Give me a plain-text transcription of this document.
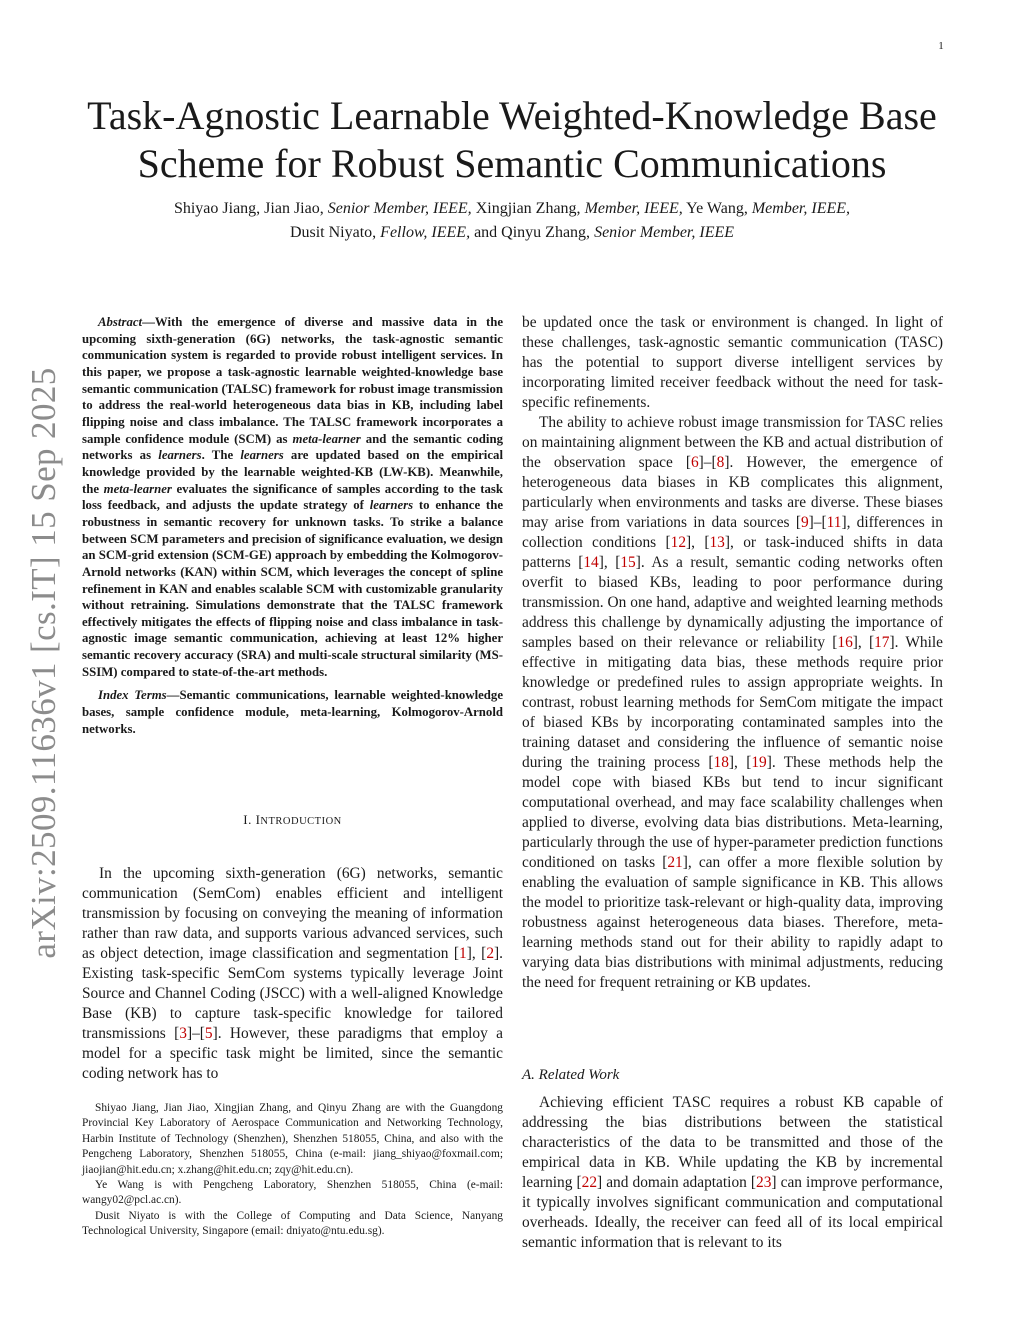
1
arXiv:2509.11636v1 [cs.IT] 15 Sep 2025
Task-Agnostic Learnable Weighted-Knowledge Base
Scheme for Robust Semantic Communications
Shiyao Jiang, Jian Jiao, Senior Member, IEEE, Xingjian Zhang, Member, IEEE, Ye Wang, Member, IEEE,
Dusit Niyato, Fellow, IEEE, and Qinyu Zhang, Senior Member, IEEE

Abstract—With the emergence of diverse and massive data in the upcoming sixth-generation (6G) networks, the task-agnostic semantic communication system is regarded to provide robust intelligent services. In this paper, we propose a task-agnostic learnable weighted-knowledge base semantic communication (TALSC) framework for robust image transmission to address the real-world heterogeneous data bias in KB, including label flipping noise and class imbalance. The TALSC framework incorporates a sample confidence module (SCM) as meta-learner and the semantic coding networks as learners. The learners are updated based on the empirical knowledge provided by the learnable weighted-KB (LW-KB). Meanwhile, the meta-learner evaluates the significance of samples according to the task loss feedback, and adjusts the update strategy of learners to enhance the robustness in semantic recovery for unknown tasks. To strike a balance between SCM parameters and precision of significance evaluation, we design an SCM-grid extension (SCM-GE) approach by embedding the Kolmogorov-Arnold networks (KAN) within SCM, which leverages the concept of spline refinement in KAN and enables scalable SCM with customizable granularity without retraining. Simulations demonstrate that the TALSC framework effectively mitigates the effects of flipping noise and class imbalance in task-agnostic image semantic communication, achieving at least 12% higher semantic recovery accuracy (SRA) and multi-scale structural similarity (MS-SSIM) compared to state-of-the-art methods.

Index Terms—Semantic communications, learnable weighted-knowledge bases, sample confidence module, meta-learning, Kolmogorov-Arnold networks.

I. INTRODUCTION

In the upcoming sixth-generation (6G) networks, semantic communication (SemCom) enables efficient and intelligent transmission by focusing on conveying the meaning of information rather than raw data, and supports various advanced services, such as object detection, image classification and segmentation [1], [2]. Existing task-specific SemCom systems typically leverage Joint Source and Channel Coding (JSCC) with a well-aligned Knowledge Base (KB) to capture task-specific knowledge for tailored transmissions [3]–[5]. However, these paradigms that employ a model for a specific task might be limited, since the semantic coding network has to

Shiyao Jiang, Jian Jiao, Xingjian Zhang, and Qinyu Zhang are with the Guangdong Provincial Key Laboratory of Aerospace Communication and Networking Technology, Harbin Institute of Technology (Shenzhen), Shenzhen 518055, China, and also with the Pengcheng Laboratory, Shenzhen 518055, China (e-mail: jiang_shiyao@foxmail.com; jiaojian@hit.edu.cn; x.zhang@hit.edu.cn; zqy@hit.edu.cn).

Ye Wang is with Pengcheng Laboratory, Shenzhen 518055, China (e-mail: wangy02@pcl.ac.cn).

Dusit Niyato is with the College of Computing and Data Science, Nanyang Technological University, Singapore (email: dniyato@ntu.edu.sg).

be updated once the task or environment is changed. In light of these challenges, task-agnostic semantic communication (TASC) has the potential to support diverse intelligent services by incorporating limited receiver feedback without the need for task-specific refinements.

The ability to achieve robust image transmission for TASC relies on maintaining alignment between the KB and actual distribution of the observation space [6]–[8]. However, the emergence of heterogeneous data biases in KB complicates this alignment, particularly when environments and tasks are diverse. These biases may arise from variations in data sources [9]–[11], differences in collection conditions [12], [13], or task-induced shifts in data patterns [14], [15]. As a result, semantic coding networks often overfit to biased KBs, leading to poor performance during transmission. On one hand, adaptive and weighted learning methods address this challenge by dynamically adjusting the importance of samples based on their relevance or reliability [16], [17]. While effective in mitigating data bias, these methods require prior knowledge or predefined rules to assign appropriate weights. In contrast, robust learning methods for SemCom mitigate the impact of biased KBs by incorporating contaminated samples into the training dataset and considering the influence of semantic noise during the training process [18], [19]. These methods help the model cope with biased KBs but tend to incur significant computational overhead, and may face scalability challenges when applied to diverse, evolving data bias distributions. Meta-learning, particularly through the use of hyper-parameter prediction functions conditioned on tasks [21], can offer a more flexible solution by enabling the evaluation of sample significance in KB. This allows the model to prioritize task-relevant or high-quality data, improving robustness against heterogeneous data biases. Therefore, meta-learning methods stand out for their ability to rapidly adapt to varying data bias distributions with minimal adjustments, reducing the need for frequent retraining or KB updates.

A. Related Work

Achieving efficient TASC requires a robust KB capable of addressing the bias distributions between the statistical characteristics of the data to be transmitted and those of the empirical data in KB. While updating the KB by incremental learning [22] and domain adaptation [23] can improve performance, it typically involves significant communication and computational overheads. Ideally, the receiver can feed all of its local empirical semantic information that is relevant to its
